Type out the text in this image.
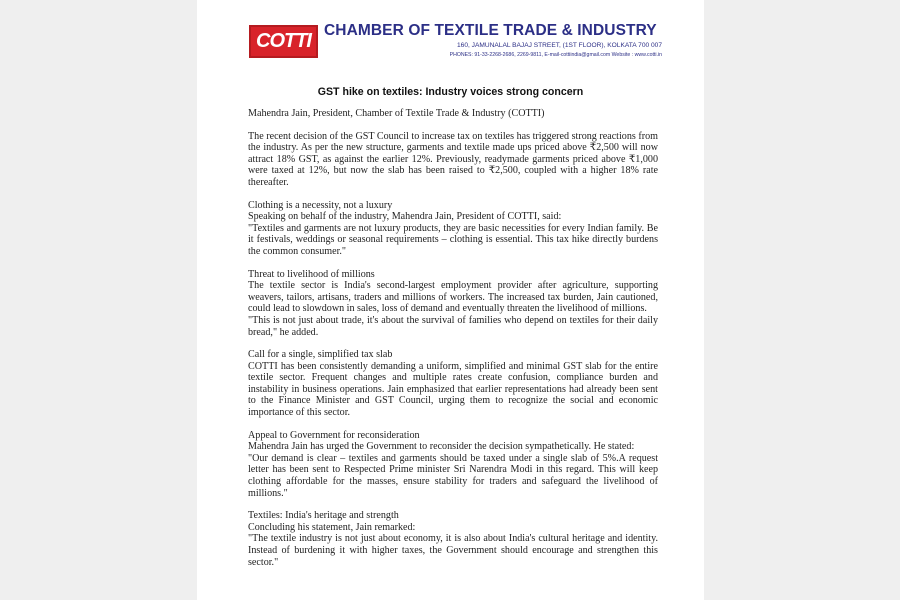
COTTI CHAMBER OF TEXTILE TRADE & INDUSTRY
160, JAMUNALAL BAJAJ STREET, (1ST FLOOR), KOLKATA 700 007
PHONES: 91-33-2268-2686, 2269-9811, E-mail-cottiindia@gmail.com Website : www.cotti.in
GST hike on textiles: Industry voices strong concern

Mahendra Jain, President, Chamber of Textile Trade & Industry (COTTI)

The recent decision of the GST Council to increase tax on textiles has triggered strong reactions from the industry. As per the new structure, garments and textile made ups priced above ₹2,500 will now attract 18% GST, as against the earlier 12%. Previously, readymade garments priced above ₹1,000 were taxed at 12%, but now the slab has been raised to ₹2,500, coupled with a higher 18% rate thereafter.

Clothing is a necessity, not a luxury

Speaking on behalf of the industry, Mahendra Jain, President of COTTI, said:

"Textiles and garments are not luxury products, they are basic necessities for every Indian family. Be it festivals, weddings or seasonal requirements – clothing is essential. This tax hike directly burdens the common consumer."

Threat to livelihood of millions

The textile sector is India's second-largest employment provider after agriculture, supporting weavers, tailors, artisans, traders and millions of workers. The increased tax burden, Jain cautioned, could lead to slowdown in sales, loss of demand and eventually threaten the livelihood of millions.

"This is not just about trade, it's about the survival of families who depend on textiles for their daily bread," he added.

Call for a single, simplified tax slab

COTTI has been consistently demanding a uniform, simplified and minimal GST slab for the entire textile sector. Frequent changes and multiple rates create confusion, compliance burden and instability in business operations. Jain emphasized that earlier representations had already been sent to the Finance Minister and GST Council, urging them to recognize the social and economic importance of this sector.

Appeal to Government for reconsideration

Mahendra Jain has urged the Government to reconsider the decision sympathetically. He stated:

"Our demand is clear – textiles and garments should be taxed under a single slab of 5%.A request letter has been sent to Respected Prime minister Sri Narendra Modi in this regard. This will keep clothing affordable for the masses, ensure stability for traders and safeguard the livelihood of millions."

Textiles: India's heritage and strength

Concluding his statement, Jain remarked:

"The textile industry is not just about economy, it is also about India's cultural heritage and identity. Instead of burdening it with higher taxes, the Government should encourage and strengthen this sector."
